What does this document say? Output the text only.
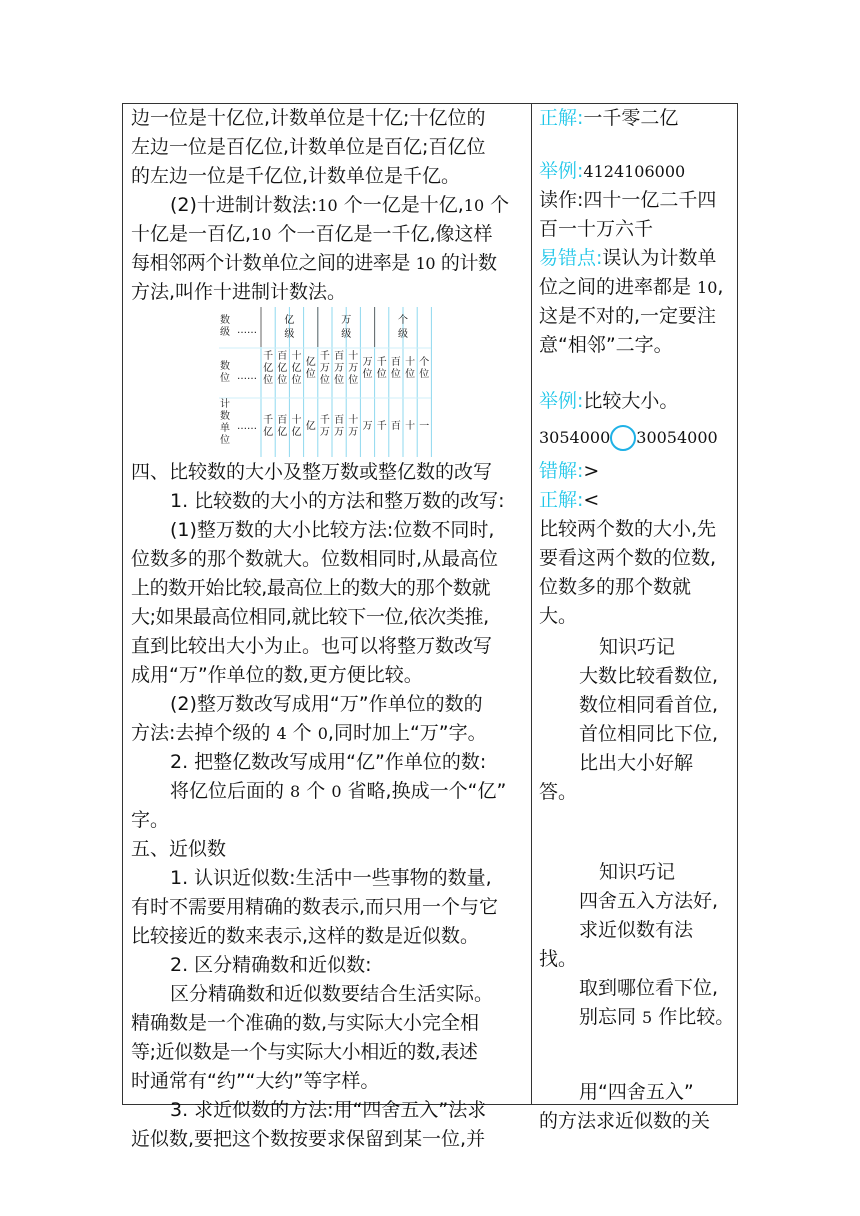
边一位是十亿位,计数单位是十亿;十亿位的

左边一位是百亿位,计数单位是百亿;百亿位

的左边一位是千亿位,计数单位是千亿。

(2)十进制计数法:10 个一亿是十亿,10 个

十亿是一百亿,10 个一百亿是一千亿,像这样

每相邻两个计数单位之间的进率是 10 的计数

方法,叫作十进制计数法。

数
级 ……
数
位 ……
计
数
单
位
……
亿
级
万
级
个
级
千
亿
位
百
亿
位
十
亿
位
亿
位
千
万
位
百
万
位
十
万
位
万
位
千
位
百
位
十
位
个
位
千
亿
百
亿
十
亿
亿
千
万
百
万
十
万
万 千 百 十 一

四、比较数的大小及整万数或整亿数的改写

1. 比较数的大小的方法和整万数的改写:

(1)整万数的大小比较方法:位数不同时,

位数多的那个数就大。位数相同时,从最高位

上的数开始比较,最高位上的数大的那个数就

大;如果最高位相同,就比较下一位,依次类推,

直到比较出大小为止。也可以将整万数改写

成用“万”作单位的数,更方便比较。

(2)整万数改写成用“万”作单位的数的

方法:去掉个级的 4 个 0,同时加上“万”字。

2. 把整亿数改写成用“亿”作单位的数:

将亿位后面的 8 个 0 省略,换成一个“亿”

字。

五、近似数

1. 认识近似数:生活中一些事物的数量,

有时不需要用精确的数表示,而只用一个与它

比较接近的数来表示,这样的数是近似数。

2. 区分精确数和近似数:

区分精确数和近似数要结合生活实际。

精确数是一个准确的数,与实际大小完全相

等;近似数是一个与实际大小相近的数,表述

时通常有“约”“大约”等字样。

3. 求近似数的方法:用“四舍五入”法求

近似数,要把这个数按要求保留到某一位,并

正解:一千零二亿

举例:4124106000

读作:四十一亿二千四

百一十万六千

易错点:误认为计数单

位之间的进率都是 10,

这是不对的,一定要注

意“相邻”二字。

举例:比较大小。

3054000 30054000

错解:>

正解:<

比较两个数的大小,先

要看这两个数的位数,

位数多的那个数就

大。

知识巧记

大数比较看数位,

数位相同看首位,

首位相同比下位,

比出大小好解

答。

知识巧记

四舍五入方法好,

求近似数有法

找。

取到哪位看下位,

别忘同 5 作比较。

用“四舍五入”

的方法求近似数的关
